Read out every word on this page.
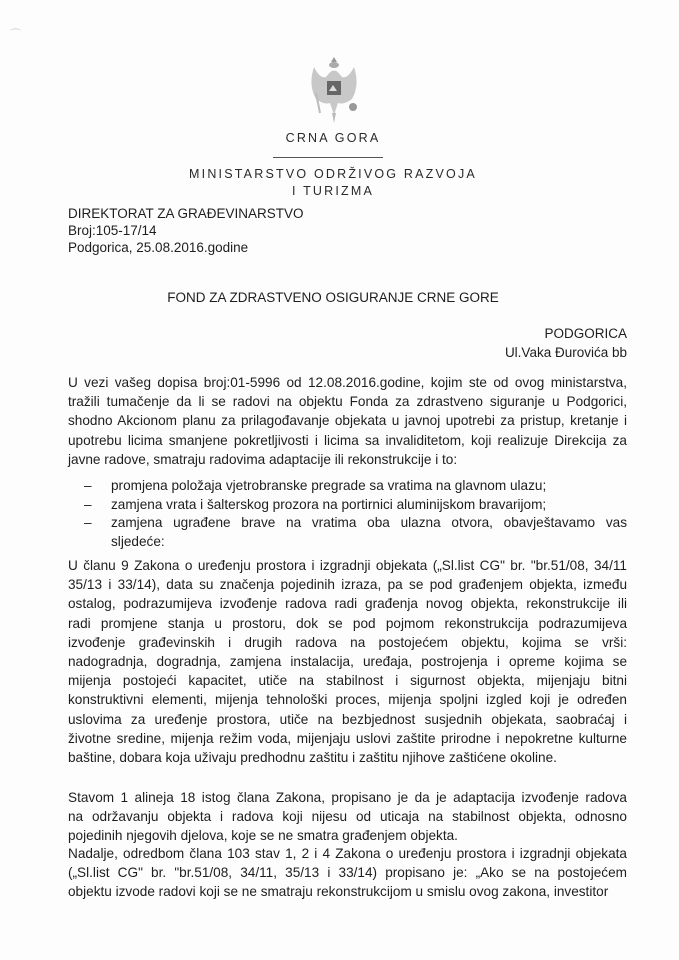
⌒
CRNA GORA
MINISTARSTVO ODRŽIVOG RAZVOJA
I TURIZMA
DIREKTORAT ZA GRAĐEVINARSTVO
Broj:105-17/14
Podgorica, 25.08.2016.godine
FOND ZA ZDRASTVENO OSIGURANJE CRNE GORE
PODGORICA
Ul.Vaka Đurovića bb
U vezi vašeg dopisa broj:01-5996 od 12.08.2016.godine, kojim ste od ovog ministarstva,
tražili tumačenje da li se radovi na objektu Fonda za zdrastveno siguranje u Podgorici,
shodno Akcionom planu za prilagođavanje objekata u javnoj upotrebi za pristup, kretanje i
upotrebu licima smanjene pokretljivosti i licima sa invaliditetom, koji realizuje Direkcija za
javne radove, smatraju radovima adaptacije ili rekonstrukcije i to:
– promjena položaja vjetrobranske pregrade sa vratima na glavnom ulazu;
– zamjena vrata i šalterskog prozora na portirnici aluminijskom bravarijom;
– zamjena ugrađene brave na vratima oba ulazna otvora, obavještavamo vas
sljedeće:
U članu 9 Zakona o uređenju prostora i izgradnji objekata („Sl.list CG" br. "br.51/08, 34/11
35/13 i 33/14), data su značenja pojedinih izraza, pa se pod građenjem objekta, između
ostalog, podrazumijeva izvođenje radova radi građenja novog objekta, rekonstrukcije ili
radi promjene stanja u prostoru, dok se pod pojmom rekonstrukcija podrazumijeva
izvođenje građevinskih i drugih radova na postojećem objektu, kojima se vrši:
nadogradnja, dogradnja, zamjena instalacija, uređaja, postrojenja i opreme kojima se
mijenja postojeći kapacitet, utiče na stabilnost i sigurnost objekta, mijenjaju bitni
konstruktivni elementi, mijenja tehnološki proces, mijenja spoljni izgled koji je određen
uslovima za uređenje prostora, utiče na bezbjednost susjednih objekata, saobraćaj i
životne sredine, mijenja režim voda, mijenjaju uslovi zaštite prirodne i nepokretne kulturne
baštine, dobara koja uživaju predhodnu zaštitu i zaštitu njihove zaštićene okoline.
Stavom 1 alineja 18 istog člana Zakona, propisano je da je adaptacija izvođenje radova
na održavanju objekta i radova koji nijesu od uticaja na stabilnost objekta, odnosno
pojedinih njegovih djelova, koje se ne smatra građenjem objekta.
Nadalje, odredbom člana 103 stav 1, 2 i 4 Zakona o uređenju prostora i izgradnji objekata
(„Sl.list CG" br. "br.51/08, 34/11, 35/13 i 33/14) propisano je: „Ako se na postojećem
objektu izvode radovi koji se ne smatraju rekonstrukcijom u smislu ovog zakona, investitor
